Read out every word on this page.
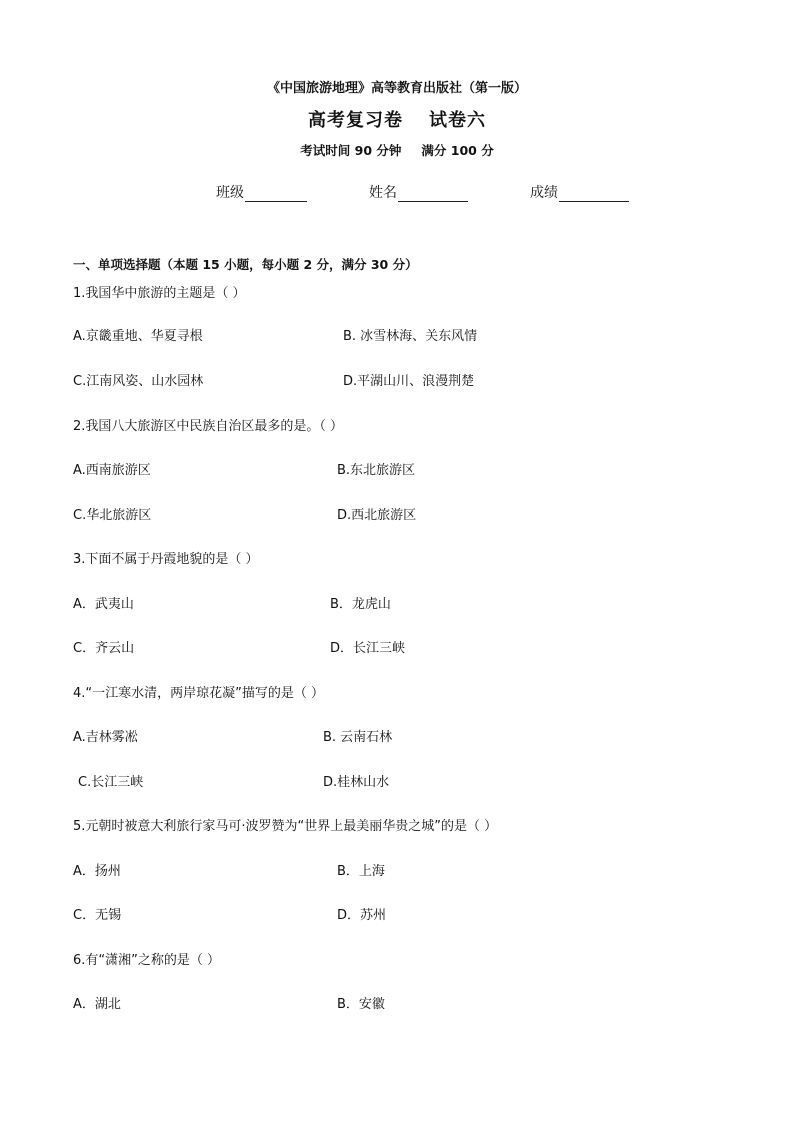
《中国旅游地理》高等教育出版社（第一版）
高考复习卷 试卷六
考试时间 90 分钟 满分 100 分
班级	姓名	成绩
一、单项选择题（本题 15 小题，每小题 2 分，满分 30 分）
1.我国华中旅游的主题是（ ）
A.京畿重地、华夏寻根	B. 冰雪林海、关东风情
C.江南风姿、山水园林	D.平湖山川、浪漫荆楚
2.我国八大旅游区中民族自治区最多的是。（ ）
A.西南旅游区	B.东北旅游区
C.华北旅游区	D.西北旅游区
3.下面不属于丹霞地貌的是（ ）
A．武夷山	B．龙虎山
C．齐云山	D．长江三峡
4.“一江寒水清，两岸琼花凝”描写的是（ ）
A.吉林雾凇	B. 云南石林
C.长江三峡	D.桂林山水
5.元朝时被意大利旅行家马可·波罗赞为“世界上最美丽华贵之城”的是（ ）
A．扬州	B．上海
C．无锡	D．苏州
6.有“潇湘”之称的是（ ）
A．湖北	B．安徽
